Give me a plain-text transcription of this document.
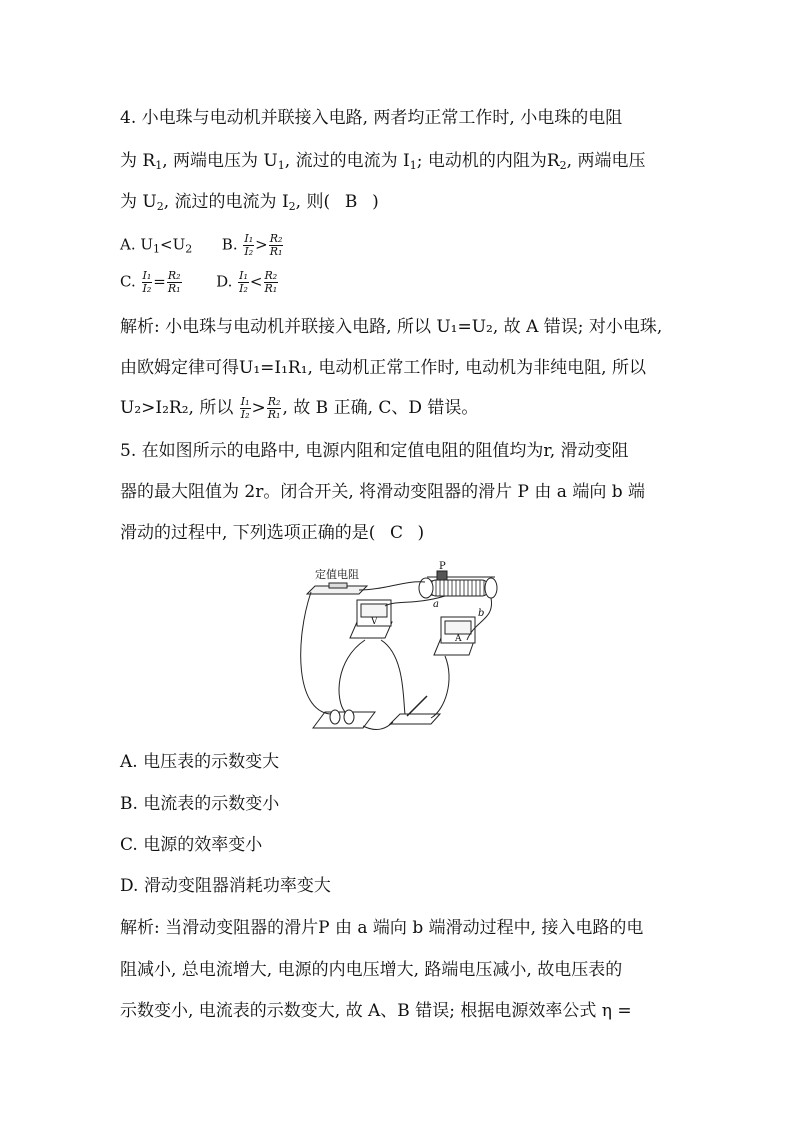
4. 小电珠与电动机并联接入电路, 两者均正常工作时, 小电珠的电阻
为 $R_1$, 两端电压为 $U_1$, 流过的电流为 $I_1$; 电动机的内阻为$R_2$, 两端电压
为 $U_2$, 流过的电流为 $I_2$, 则( B )
A. $U_1<U_2$ B. $\frac{\text{I₁}}{\text{I₂}} > \frac{\text{R₂}}{\text{R₁}}$
C. $\frac{\text{I₁}}{\text{I₂}} = \frac{\text{R₂}}{\text{R₁}} D$. $\frac{\text{I₁}}{\text{I₂}} < \frac{\text{R₂}}{\text{R₁}}$
解析: 小电珠与电动机并联接入电路, 所以 U₁=U₂, 故 A 错误; 对小电珠,
由欧姆定律可得U₁=I₁R₁, 电动机正常工作时, 电动机为非纯电阻, 所以
U₂>I₂R₂, 所以 $\frac{\text{I₁}}{\text{I₂}} > \frac{\text{R₂}}{\text{R₁}}$ , 故 B 正确, C、D 错误。
5. 在如图所示的电路中, 电源内阻和定值电阻的阻值均为r, 滑动变阻
器的最大阻值为 2r。闭合开关, 将滑动变阻器的滑片 P 由 a 端向 b 端
滑动的过程中, 下列选项正确的是( C )
定值电阻
P
a
b
V
A
A. 电压表的示数变大
B. 电流表的示数变小
C. 电源的效率变小
D. 滑动变阻器消耗功率变大
解析: 当滑动变阻器的滑片P 由 a 端向 b 端滑动过程中, 接入电路的电
阻减小, 总电流增大, 电源的内电压增大, 路端电压减小, 故电压表的
示数变小, 电流表的示数变大, 故 A、B 错误; 根据电源效率公式 η =
